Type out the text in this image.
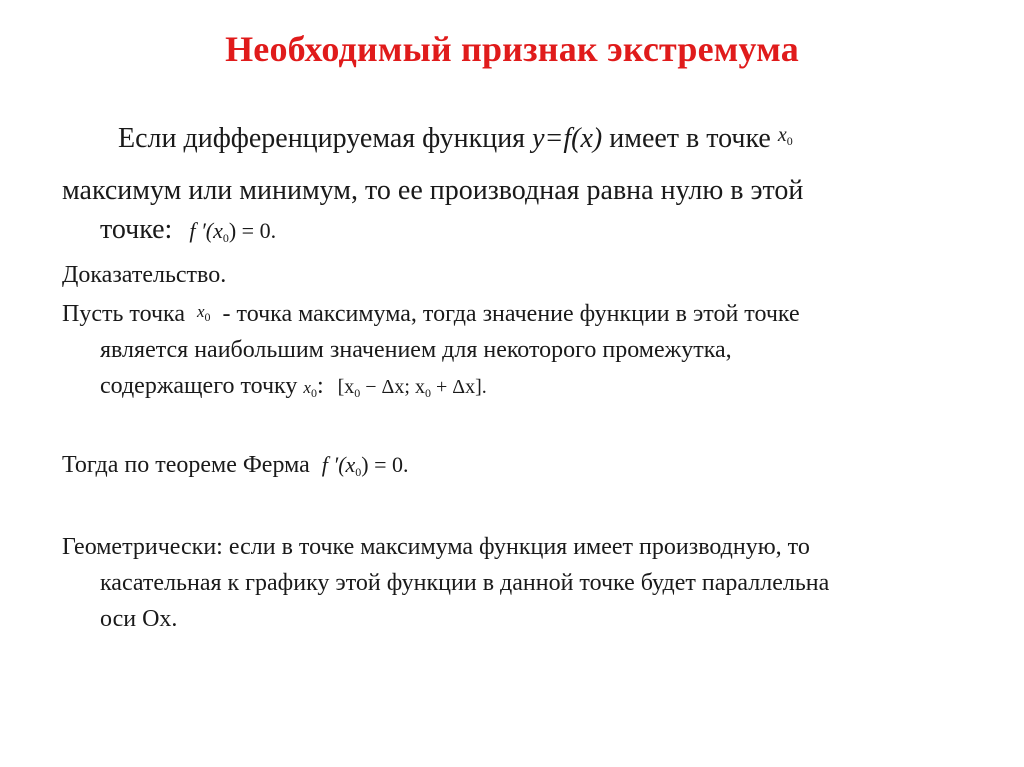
Необходимый признак экстремума
Если дифференцируемая функция y=f(x) имеет в точке $^{x_0}$
максимум или минимум, то ее производная равна нулю в этой
точке: f $'(x_0) = 0$.
Доказательство.
Пусть точка $x_0$ - точка максимума, тогда значение функции в этой точке
является наибольшим значением для некоторого промежутка,
содержащего точку $x_0$: [$x_0 - \Delta x$; $x_0 + \Delta x$].
Тогда по теореме Ферма f $'(x_0) = 0$.
Геометрически: если в точке максимума функция имеет производную, то
касательная к графику этой функции в данной точке будет параллельна
оси Ох.
